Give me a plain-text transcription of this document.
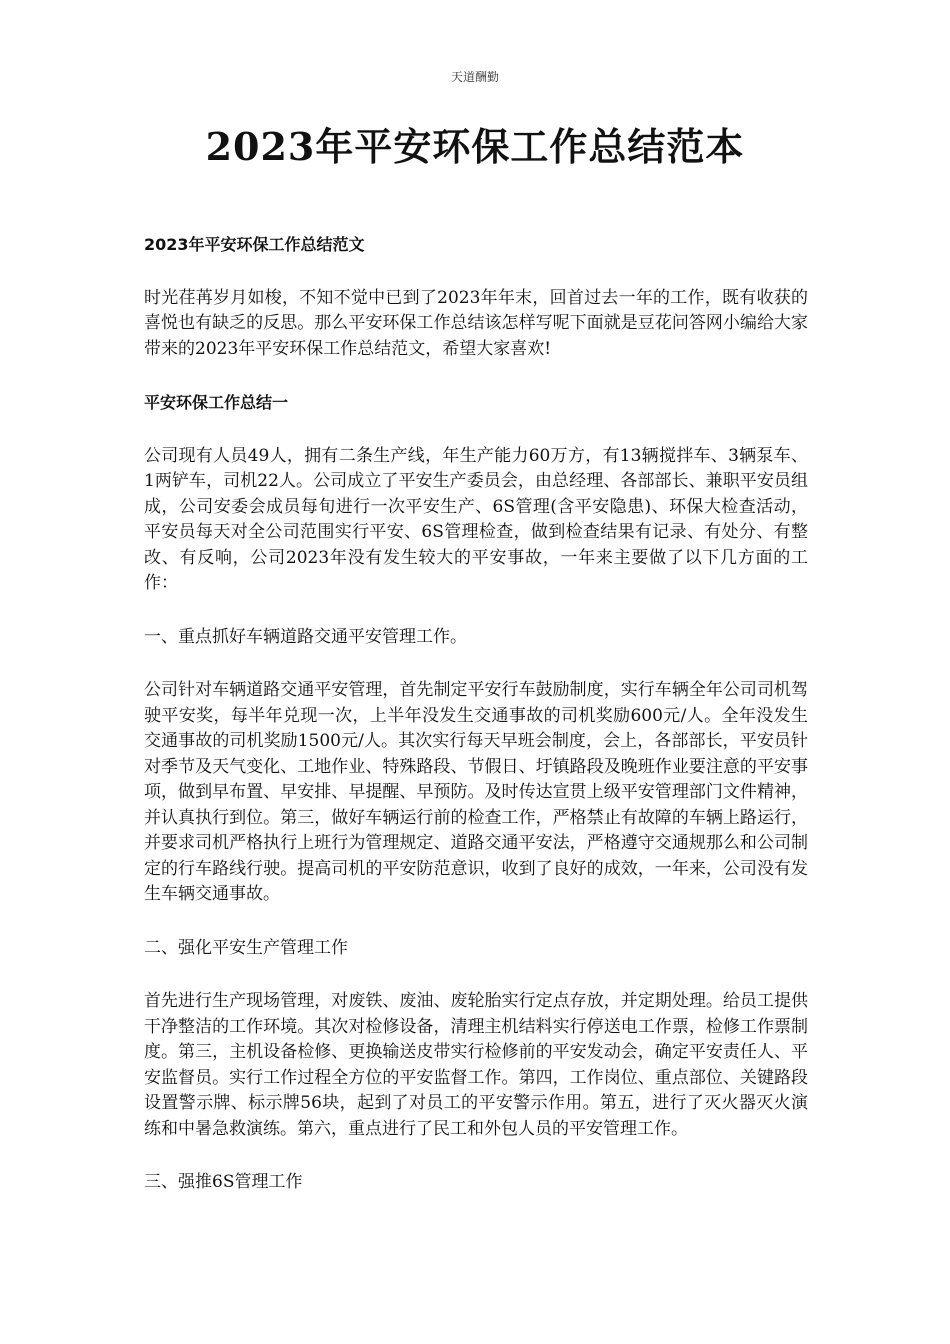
天道酬勤
2023年平安环保工作总结范本

2023年平安环保工作总结范文

时光荏苒岁月如梭，不知不觉中已到了2023年年末，回首过去一年的工作，既有收获的喜悦也有缺乏的反思。那么平安环保工作总结该怎样写呢下面就是豆花问答网小编给大家带来的2023年平安环保工作总结范文，希望大家喜欢!

平安环保工作总结一

公司现有人员49人，拥有二条生产线，年生产能力60万方，有13辆搅拌车、3辆泵车、1两铲车，司机22人。公司成立了平安生产委员会，由总经理、各部部长、兼职平安员组成，公司安委会成员每旬进行一次平安生产、6S管理(含平安隐患)、环保大检查活动，平安员每天对全公司范围实行平安、6S管理检查，做到检查结果有记录、有处分、有整改、有反响，公司2023年没有发生较大的平安事故，一年来主要做了以下几方面的工作：

一、重点抓好车辆道路交通平安管理工作。

公司针对车辆道路交通平安管理，首先制定平安行车鼓励制度，实行车辆全年公司司机驾驶平安奖，每半年兑现一次，上半年没发生交通事故的司机奖励600元/人。全年没发生交通事故的司机奖励1500元/人。其次实行每天早班会制度，会上，各部部长，平安员针对季节及天气变化、工地作业、特殊路段、节假日、圩镇路段及晚班作业要注意的平安事项，做到早布置、早安排、早提醒、早预防。及时传达宣贯上级平安管理部门文件精神，并认真执行到位。第三，做好车辆运行前的检查工作，严格禁止有故障的车辆上路运行，并要求司机严格执行上班行为管理规定、道路交通平安法，严格遵守交通规那么和公司制定的行车路线行驶。提高司机的平安防范意识，收到了良好的成效，一年来，公司没有发生车辆交通事故。

二、强化平安生产管理工作

首先进行生产现场管理，对废铁、废油、废轮胎实行定点存放，并定期处理。给员工提供干净整洁的工作环境。其次对检修设备，清理主机结料实行停送电工作票，检修工作票制度。第三，主机设备检修、更换输送皮带实行检修前的平安发动会，确定平安责任人、平安监督员。实行工作过程全方位的平安监督工作。第四，工作岗位、重点部位、关键路段设置警示牌、标示牌56块，起到了对员工的平安警示作用。第五，进行了灭火器灭火演练和中暑急救演练。第六，重点进行了民工和外包人员的平安管理工作。

三、强推6S管理工作
